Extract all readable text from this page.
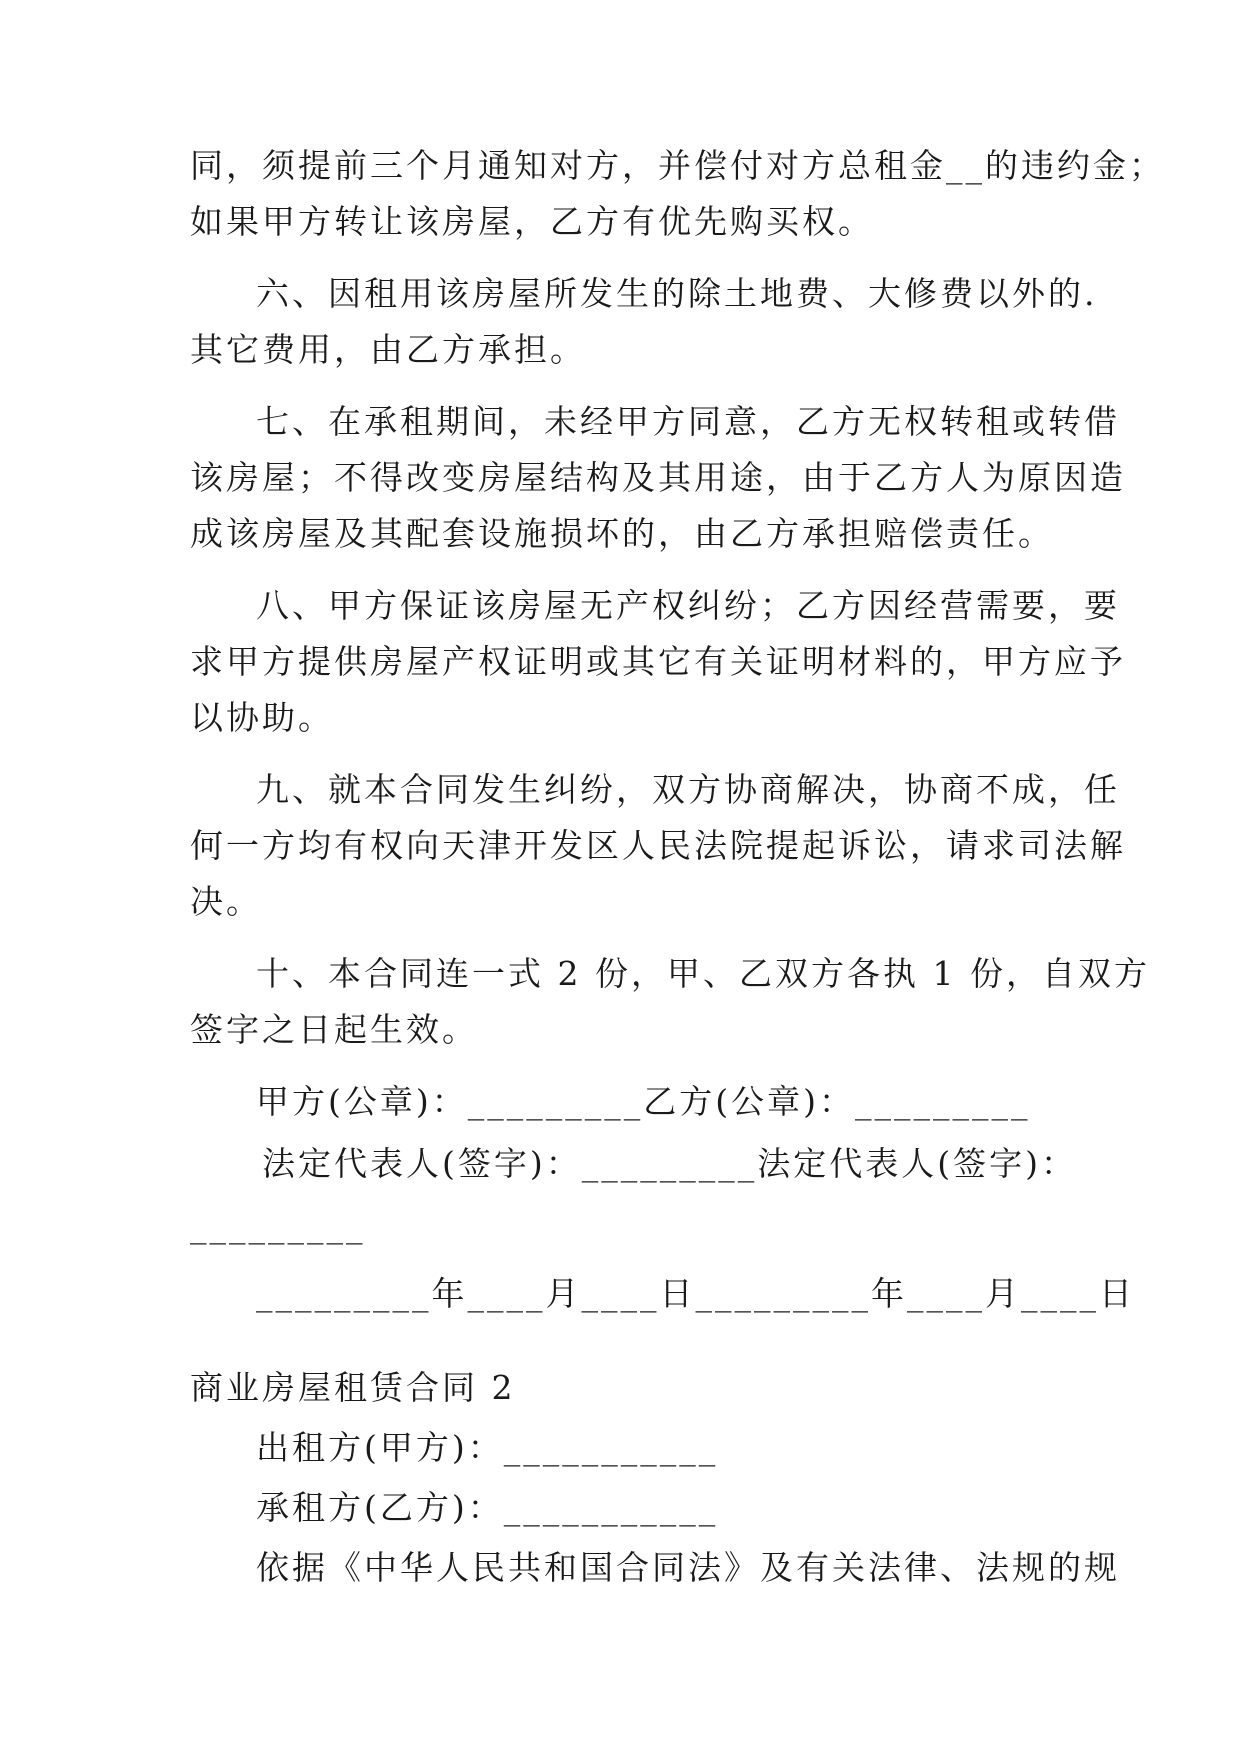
同，须提前三个月通知对方，并偿付对方总租金__的违约金；
如果甲方转让该房屋，乙方有优先购买权。
六、因租用该房屋所发生的除土地费、大修费以外的.
其它费用，由乙方承担。
七、在承租期间，未经甲方同意，乙方无权转租或转借
该房屋；不得改变房屋结构及其用途，由于乙方人为原因造
成该房屋及其配套设施损坏的，由乙方承担赔偿责任。
八、甲方保证该房屋无产权纠纷；乙方因经营需要，要
求甲方提供房屋产权证明或其它有关证明材料的，甲方应予
以协助。
九、就本合同发生纠纷，双方协商解决，协商不成，任
何一方均有权向天津开发区人民法院提起诉讼，请求司法解
决。
十、本合同连一式 2 份，甲、乙双方各执 1 份，自双方
签字之日起生效。
甲方(公章)：_________乙方(公章)：_________
法定代表人(签字)：_________法定代表人(签字)：
_________
_________年____月____日_________年____月____日
商业房屋租赁合同 2
出租方(甲方)：___________
承租方(乙方)：___________
依据《中华人民共和国合同法》及有关法律、法规的规
